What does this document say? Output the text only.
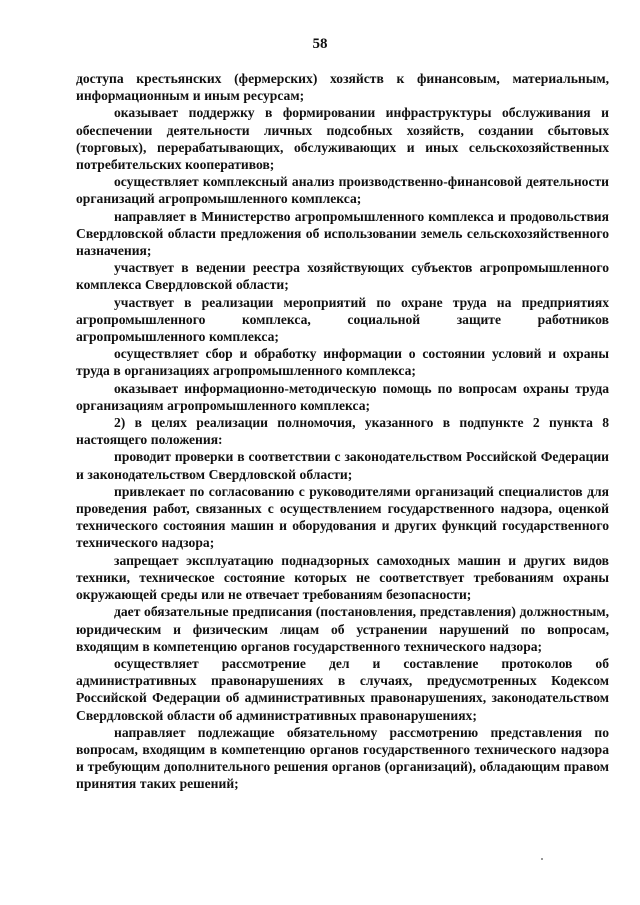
58

доступа крестьянских (фермерских) хозяйств к финансовым, материальным, информационным и иным ресурсам;

оказывает поддержку в формировании инфраструктуры обслуживания и обеспечении деятельности личных подсобных хозяйств, создании сбытовых (торговых), перерабатывающих, обслуживающих и иных сельскохозяйственных потребительских кооперативов;

осуществляет комплексный анализ производственно-финансовой деятельности организаций агропромышленного комплекса;

направляет в Министерство агропромышленного комплекса и продовольствия Свердловской области предложения об использовании земель сельскохозяйственного назначения;

участвует в ведении реестра хозяйствующих субъектов агропромышленного комплекса Свердловской области;

участвует в реализации мероприятий по охране труда на предприятиях агропромышленного комплекса, социальной защите работников агропромышленного комплекса;

осуществляет сбор и обработку информации о состоянии условий и охраны труда в организациях агропромышленного комплекса;

оказывает информационно-методическую помощь по вопросам охраны труда организациям агропромышленного комплекса;

2) в целях реализации полномочия, указанного в подпункте 2 пункта 8 настоящего положения:

проводит проверки в соответствии с законодательством Российской Федерации и законодательством Свердловской области;

привлекает по согласованию с руководителями организаций специалистов для проведения работ, связанных с осуществлением государственного надзора, оценкой технического состояния машин и оборудования и других функций государственного технического надзора;

запрещает эксплуатацию поднадзорных самоходных машин и других видов техники, техническое состояние которых не соответствует требованиям охраны окружающей среды или не отвечает требованиям безопасности;

дает обязательные предписания (постановления, представления) должностным, юридическим и физическим лицам об устранении нарушений по вопросам, входящим в компетенцию органов государственного технического надзора;

осуществляет рассмотрение дел и составление протоколов об административных правонарушениях в случаях, предусмотренных Кодексом Российской Федерации об административных правонарушениях, законодательством Свердловской области об административных правонарушениях;

направляет подлежащие обязательному рассмотрению представления по вопросам, входящим в компетенцию органов государственного технического надзора и требующим дополнительного решения органов (организаций), обладающим правом принятия таких решений;
